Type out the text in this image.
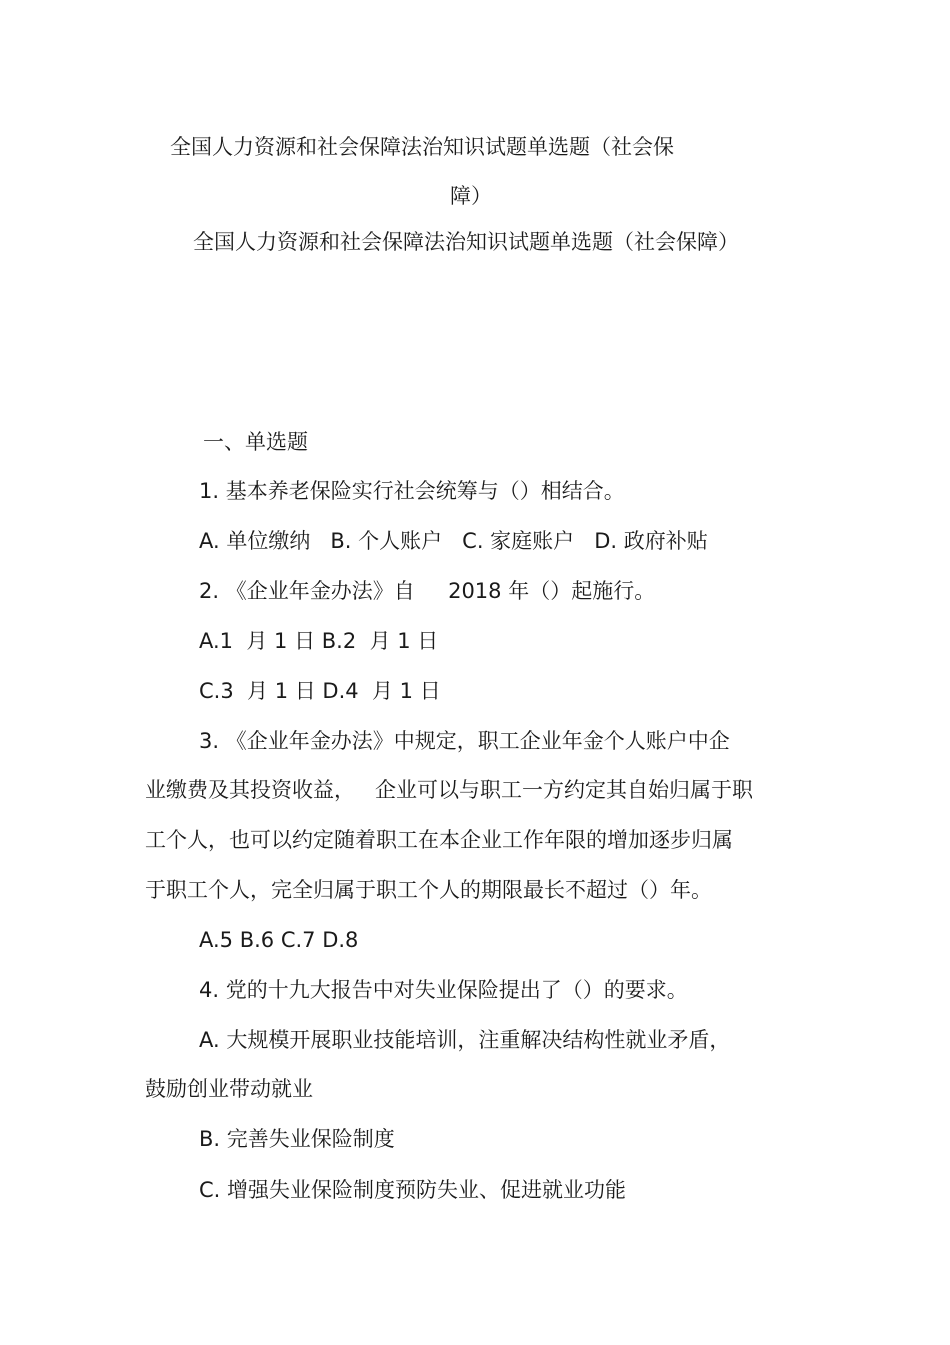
全国人力资源和社会保障法治知识试题单选题（社会保
障）
全国人力资源和社会保障法治知识试题单选题（社会保障）
一、单选题
1. 基本养老保险实行社会统筹与（）相结合。
A. 单位缴纳   B. 个人账户   C. 家庭账户   D. 政府补贴
2. 《企业年金办法》自     2018 年（）起施行。
A.1  月 1 日 B.2  月 1 日
C.3  月 1 日 D.4  月 1 日
3. 《企业年金办法》中规定，职工企业年金个人账户中企
业缴费及其投资收益，   企业可以与职工一方约定其自始归属于职
工个人，也可以约定随着职工在本企业工作年限的增加逐步归属
于职工个人，完全归属于职工个人的期限最长不超过（）年。
A.5 B.6 C.7 D.8
4. 党的十九大报告中对失业保险提出了（）的要求。
A. 大规模开展职业技能培训，注重解决结构性就业矛盾，
鼓励创业带动就业
B. 完善失业保险制度
C. 增强失业保险制度预防失业、促进就业功能
